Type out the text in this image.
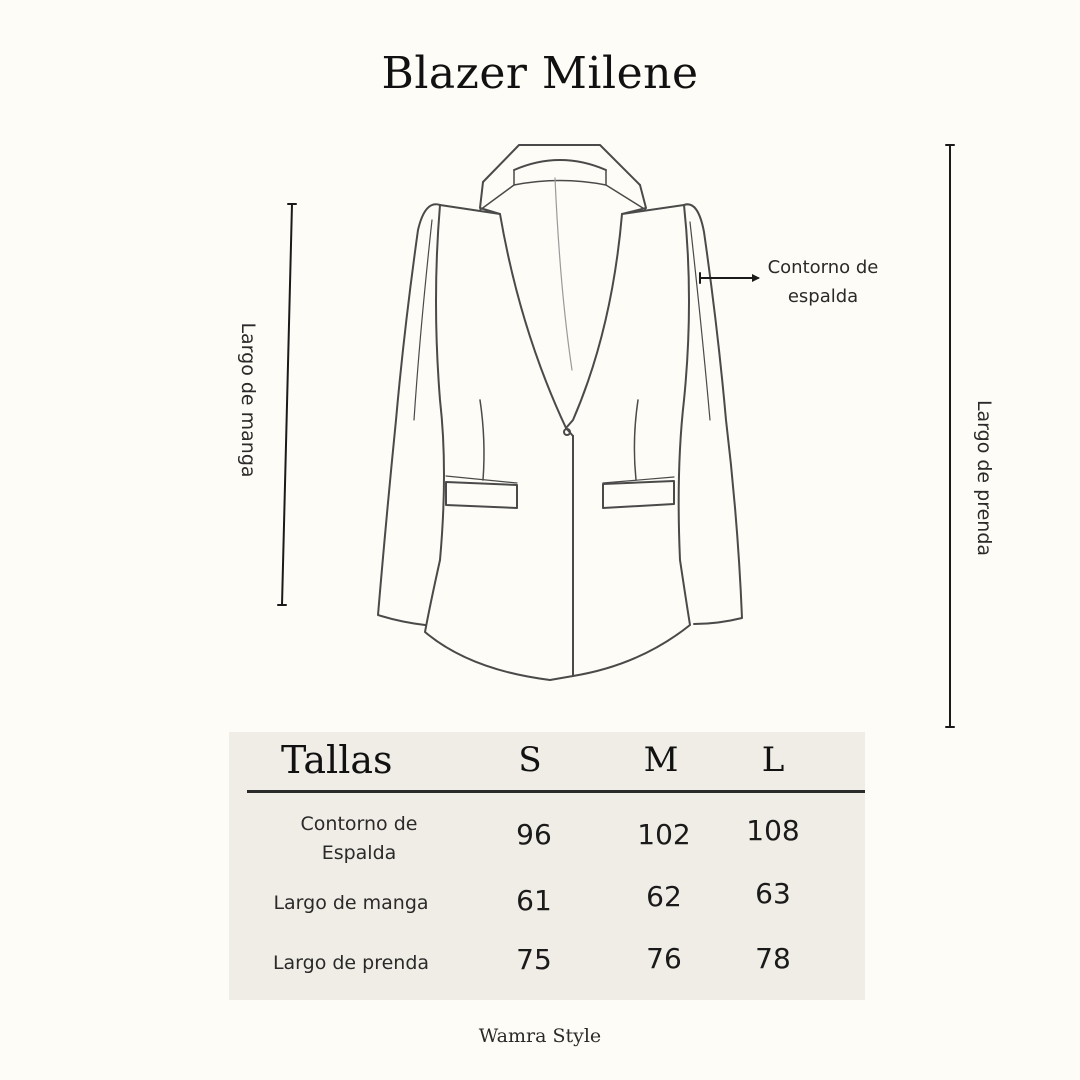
Blazer Milene
Largo de manga	Largo de prenda
Contorno de
espalda
Tallas	S	M	L
Contorno de
Espalda
96	102	108
Largo de manga	61	62	63
Largo de prenda	75	76	78
Wamra Style
